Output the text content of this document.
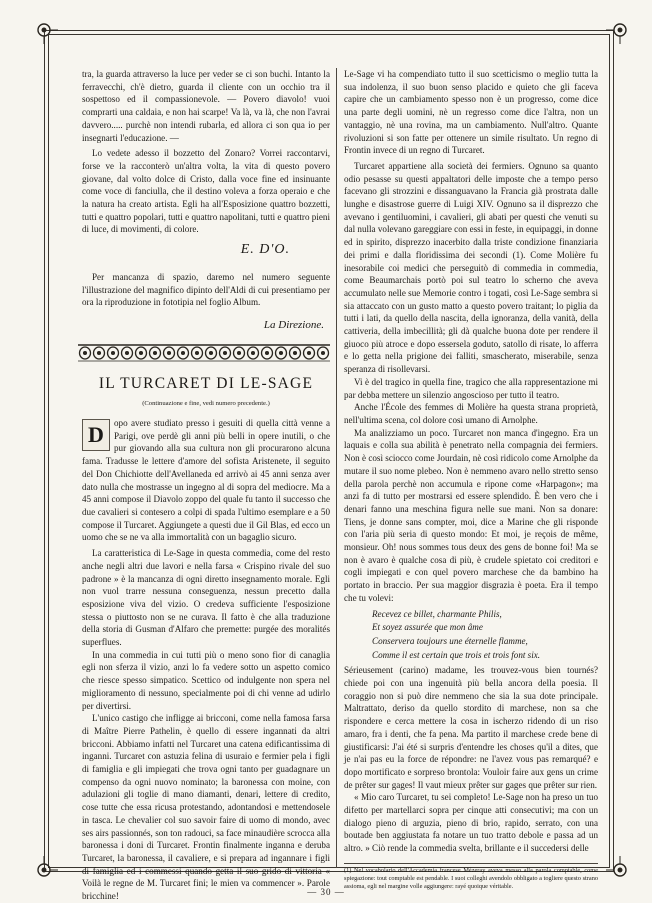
tra, la guarda attraverso la luce per veder se ci son buchi. Intanto la ferravecchi, ch'è dietro, guarda il cliente con un occhio tra il sospettoso ed il compassionevole. — Povero diavolo! vuoi comprarti una caldaia, e non hai scarpe! Va là, va là, che non l'avrai davvero..... purchè non intendi rubarla, ed allora ci son qua io per insegnarti l'educazione. —

Lo vedete adesso il bozzetto del Zonaro? Vorrei raccontarvi, forse ve la racconterò un'altra volta, la vita di questo povero giovane, dal volto dolce di Cristo, dalla voce fine ed insinuante come voce di fanciulla, che il destino voleva a forza operaio e che la natura ha creato artista. Egli ha all'Esposizione quattro bozzetti, tutti e quattro popolari, tutti e quattro napolitani, tutti e quattro pieni di luce, di movimenti, di colore.

E. D'O.

Per mancanza di spazio, daremo nel numero seguente l'illustrazione del magnifico dipinto dell'Aldi di cui presentiamo per ora la riproduzione in fototipia nel foglio Album.

La Direzione.
IL TURCARET DI LE-SAGE
(Continuazione e fine, vedi numero precedente.)
D	opo avere studiato presso i gesuiti di quella città venne a Parigi, ove perdè gli anni più belli in opere inutili, o che pur giovando alla sua cultura non gli procurarono alcuna fama. Tradusse le lettere d'amore del sofista Aristenete, il seguito del Don Chichiotte dell'Avellaneda ed arrivò ai 45 anni senza aver dato nulla che mostrasse un ingegno al di sopra del mediocre. Ma a 45 anni compose il Diavolo zoppo del quale fu tanto il successo che due cavalieri si contesero a colpi di spada l'ultimo esemplare e a 50 compose il Turcaret. Aggiungete a questi due il Gil Blas, ed ecco un uomo che se ne va alla immortalità con un bagaglio sicuro.

La caratteristica di Le-Sage in questa commedia, come del resto anche negli altri due lavori e nella farsa « Crispino rivale del suo padrone » è la mancanza di ogni diretto insegnamento morale. Egli non vuol trarre nessuna conseguenza, nessun precetto dalla esposizione viva del vizio. O credeva sufficiente l'esposizione stessa o piuttosto non se ne curava. Il fatto è che alla traduzione della storia di Gusman d'Alfaro che premette: purgée des moralités superflues.

In una commedia in cui tutti più o meno sono fior di canaglia egli non sferza il vizio, anzi lo fa vedere sotto un aspetto comico che riesce spesso simpatico. Scettico od indulgente non spera nel miglioramento di nessuno, specialmente poi di chi venne ad udirlo per divertirsi.

L'unico castigo che infligge ai bricconi, come nella famosa farsa di Maître Pierre Pathelin, è quello di essere ingannati da altri bricconi. Abbiamo infatti nel Turcaret una catena edificantissima di inganni. Turcaret con astuzia felina di usuraio e fermier pela i figli di famiglia e gli impiegati che trova ogni tanto per guadagnare un compenso da ogni nuovo nominato; la baronessa con moine, con adulazioni gli toglie di mano diamanti, denari, lettere di credito, cose tutte che essa ricusa protestando, adontandosi e mettendosele in tasca. Le chevalier col suo savoir faire di uomo di mondo, avec ses airs passionnés, son ton radouci, sa face minaudière scrocca alla baronessa i doni di Turcaret. Frontin finalmente inganna e deruba Turcaret, la baronessa, il cavaliere, e si prepara ad ingannare i figli di famiglia ed i commessi quando getta il suo grido di vittoria « Voilà le regne de M. Turcaret fini; le mien va commencer ». Parole bricchine!

Le-Sage vi ha compendiato tutto il suo scetticismo o meglio tutta la sua indolenza, il suo buon senso placido e quieto che gli faceva capire che un cambiamento spesso non è un progresso, come dice una parte degli uomini, nè un regresso come dice l'altra, non un vantaggio, nè una rovina, ma un cambiamento. Null'altro. Quante rivoluzioni si son fatte per ottenere un simile risultato. Un regno di Frontin invece di un regno di Turcaret.

Turcaret appartiene alla società dei fermiers. Ognuno sa quanto odio pesasse su questi appaltatori delle imposte che a tempo perso facevano gli strozzini e dissanguavano la Francia già prostrata dalle lunghe e disastrose guerre di Luigi XIV. Ognuno sa il disprezzo che avevano i gentiluomini, i cavalieri, gli abati per questi che venuti su dal nulla volevano gareggiare con essi in feste, in equipaggi, in donne ed in spirito, disprezzo inacerbito dalla triste condizione finanziaria dei primi e dalla floridissima dei secondi (1). Come Molière fu inesorabile coi medici che perseguitò di commedia in commedia, come Beaumarchais portò poi sul teatro lo scherno che aveva accumulato nelle sue Memorie contro i togati, così Le-Sage sembra si sia attaccato con un gusto matto a questo povero traitant; lo piglia da tutti i lati, da quello della nascita, della ignoranza, della vanità, della cattiveria, della imbecillità; gli dà qualche buona dote per rendere il giuoco più atroce e dopo essersela goduto, satollo di risate, lo afferra e lo getta nella prigione dei falliti, smascherato, miserabile, senza speranza di risollevarsi.

Vi è del tragico in quella fine, tragico che alla rappresentazione mi par debba mettere un silenzio angoscioso per tutto il teatro.

Anche l'École des femmes di Molière ha questa strana proprietà, nell'ultima scena, col dolore così umano di Arnolphe.

Ma analizziamo un poco. Turcaret non manca d'ingegno. Era un laquais e colla sua abilità è penetrato nella compagnia dei fermiers. Non è così sciocco come Jourdain, nè così ridicolo come Arnolphe da mutare il suo nome plebeo. Non è nemmeno avaro nello stretto senso della parola perchè non accumula e ripone come «Harpagon»; ma anzi fa di tutto per mostrarsi ed essere splendido. È ben vero che i denari fanno una meschina figura nelle sue mani. Non sa donare: Tiens, je donne sans compter, moi, dice a Marine che gli risponde con l'aria più seria di questo mondo: Et moi, je reçois de même, monsieur. Oh! nous sommes tous deux des gens de bonne foi! Ma se non è avaro è qualche cosa di più, è crudele spietato coi creditori e cogli impiegati e con quel povero marchese che da bambino ha portato in braccio. Per sua maggior disgrazia è poeta. Era il tempo che tu volevi:

Recevez ce billet, charmante Philis,
Et soyez assurée que mon âme
Conservera toujours une éternelle flamme,
Comme il est certain que trois et trois font six.

Sérieusement (carino) madame, les trouvez-vous bien tournés? chiede poi con una ingenuità più bella ancora della poesia. Il coraggio non si può dire nemmeno che sia la sua dote principale. Maltrattato, deriso da quello stordito di marchese, non sa che rispondere e cerca mettere la cosa in ischerzo ridendo di un riso amaro, fra i denti, che fa pena. Ma partito il marchese crede bene di giustificarsi: J'ai été si surpris d'entendre les choses qu'il a dites, que je n'ai pas eu la force de répondre: ne l'avez vous pas remarqué? e dopo mortificato e sorpreso brontola: Vouloir faire aux gens un crime de prêter sur gages! Il vaut mieux prêter sur gages que prêter sur rien.

« Mio caro Turcaret, tu sei completo! Le-Sage non ha preso un tuo difetto per martellarci sopra per cinque atti consecutivi; ma con un dialogo pieno di arguzia, pieno di brio, rapido, serrato, con una boutade ben aggiustata fa notare un tuo tratto debole e passa ad un altro. » Ciò rende la commedia svelta, brillante e il succedersi delle

(1) Nel vocabolario dell'Accademia francese Mézeray aveva messo alla parola comptable, come spiegazione: tout comptable est pendable. I suoi colleghi avendolo obbligato a togliere questo strano assioma, egli nel margine volle aggiungere: rayé quoique véritable.
— 30 —
